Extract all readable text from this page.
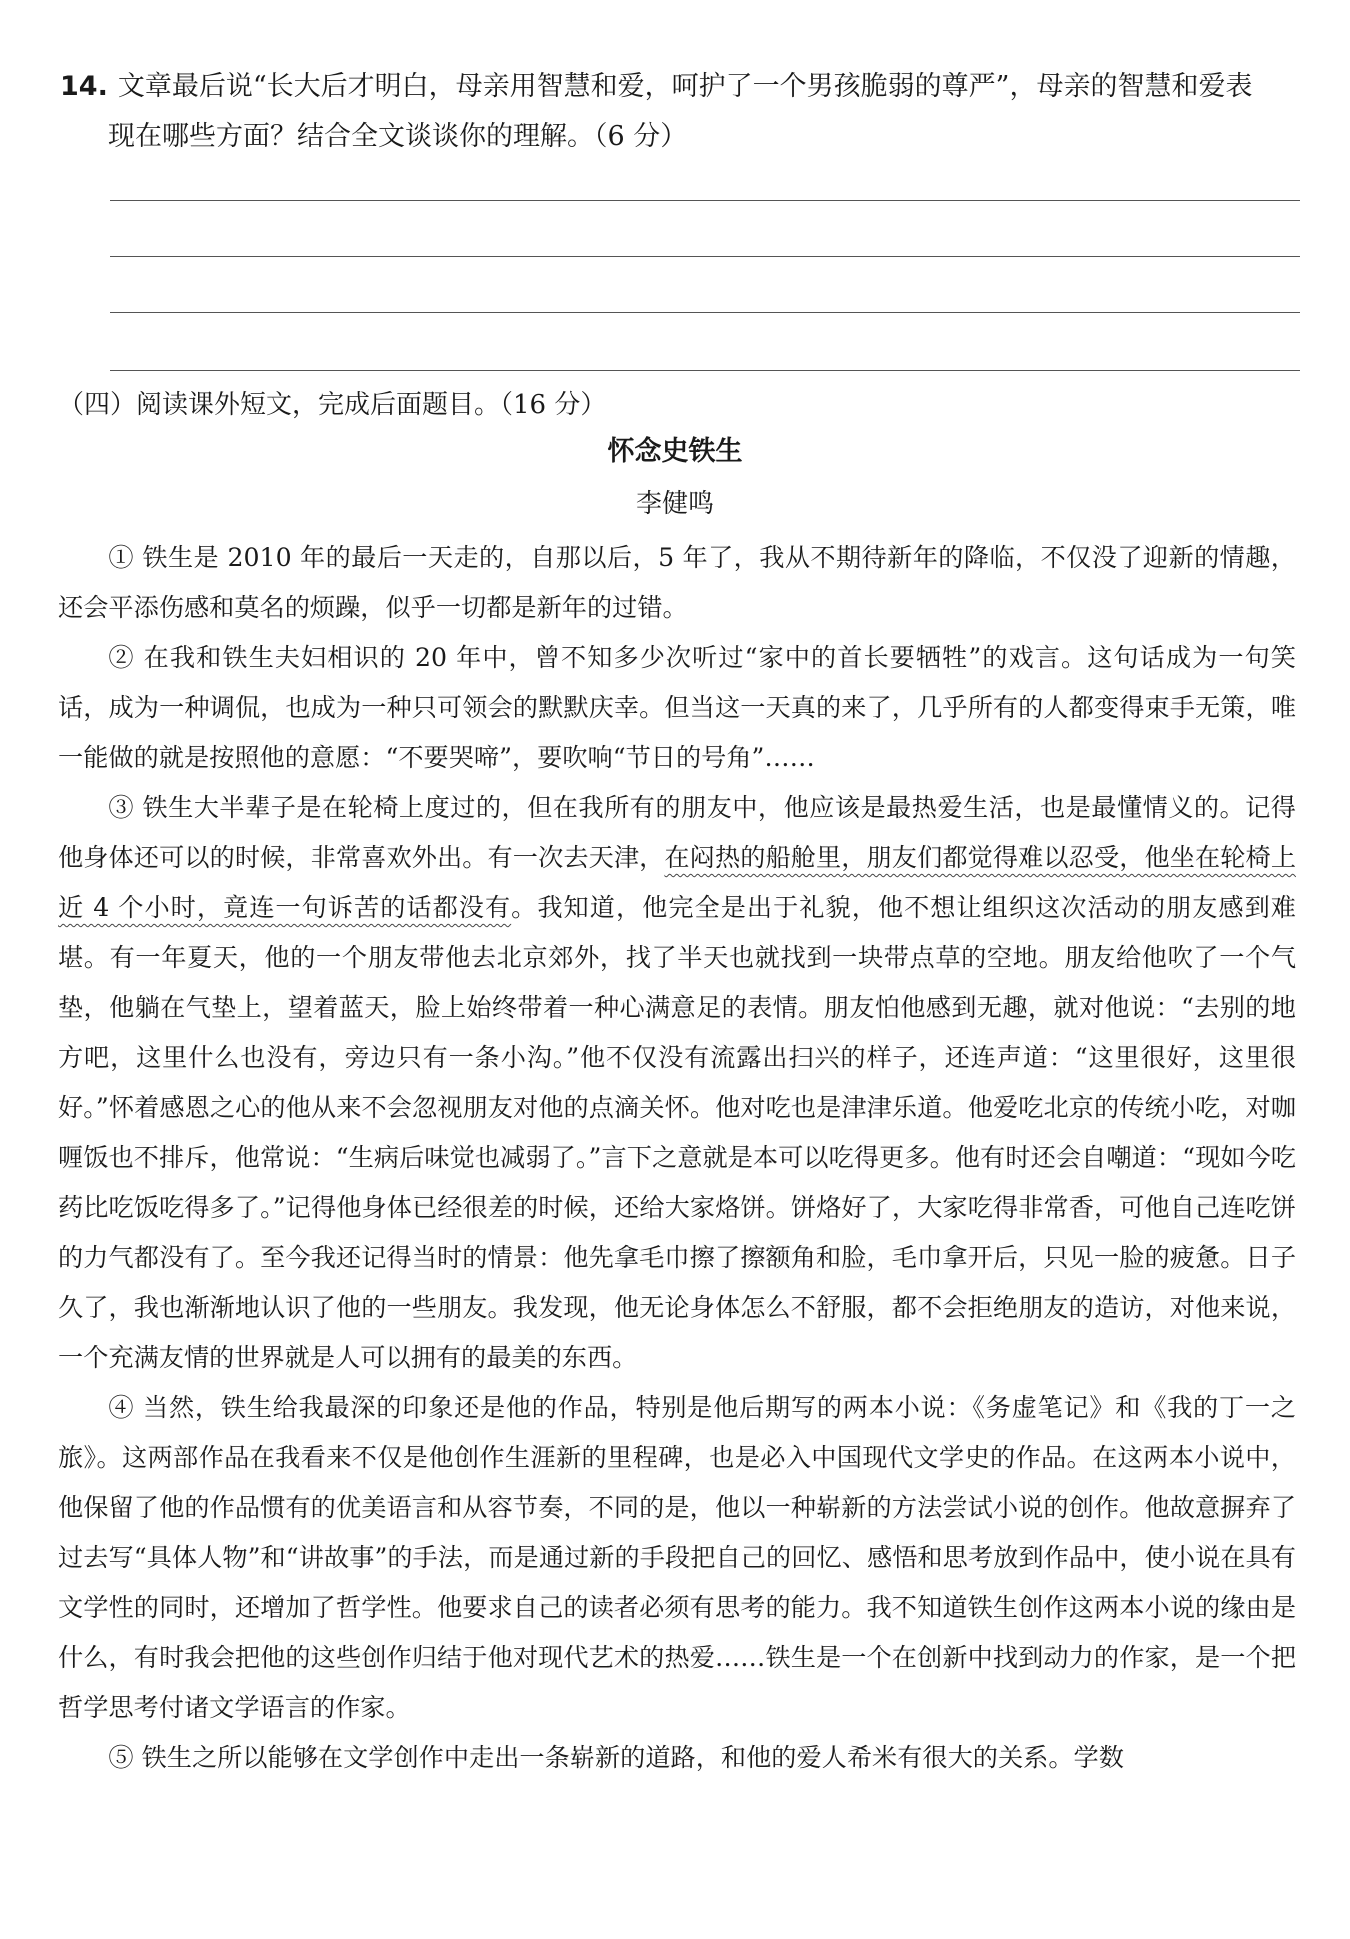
14. 文章最后说“长大后才明白，母亲用智慧和爱，呵护了一个男孩脆弱的尊严”，母亲的智慧和爱表
现在哪些方面？结合全文谈谈你的理解。（6 分）
（四）阅读课外短文，完成后面题目。（16 分）
怀念史铁生
李健鸣

① 铁生是 2010 年的最后一天走的，自那以后，5 年了，我从不期待新年的降临，不仅没了迎新的情趣，还会平添伤感和莫名的烦躁，似乎一切都是新年的过错。

② 在我和铁生夫妇相识的 20 年中，曾不知多少次听过“家中的首长要牺牲”的戏言。这句话成为一句笑话，成为一种调侃，也成为一种只可领会的默默庆幸。但当这一天真的来了，几乎所有的人都变得束手无策，唯一能做的就是按照他的意愿：“不要哭啼”，要吹响“节日的号角”……

③ 铁生大半辈子是在轮椅上度过的，但在我所有的朋友中，他应该是最热爱生活，也是最懂情义的。记得他身体还可以的时候，非常喜欢外出。有一次去天津，在闷热的船舱里，朋友们都觉得难以忍受，他坐在轮椅上近 4 个小时，竟连一句诉苦的话都没有。我知道，他完全是出于礼貌，他不想让组织这次活动的朋友感到难堪。有一年夏天，他的一个朋友带他去北京郊外，找了半天也就找到一块带点草的空地。朋友给他吹了一个气垫，他躺在气垫上，望着蓝天，脸上始终带着一种心满意足的表情。朋友怕他感到无趣，就对他说：“去别的地方吧，这里什么也没有，旁边只有一条小沟。”他不仅没有流露出扫兴的样子，还连声道：“这里很好，这里很好。”怀着感恩之心的他从来不会忽视朋友对他的点滴关怀。他对吃也是津津乐道。他爱吃北京的传统小吃，对咖喱饭也不排斥，他常说：“生病后味觉也减弱了。”言下之意就是本可以吃得更多。他有时还会自嘲道：“现如今吃药比吃饭吃得多了。”记得他身体已经很差的时候，还给大家烙饼。饼烙好了，大家吃得非常香，可他自己连吃饼的力气都没有了。至今我还记得当时的情景：他先拿毛巾擦了擦额角和脸，毛巾拿开后，只见一脸的疲惫。日子久了，我也渐渐地认识了他的一些朋友。我发现，他无论身体怎么不舒服，都不会拒绝朋友的造访，对他来说，一个充满友情的世界就是人可以拥有的最美的东西。

④ 当然，铁生给我最深的印象还是他的作品，特别是他后期写的两本小说：《务虚笔记》和《我的丁一之旅》。这两部作品在我看来不仅是他创作生涯新的里程碑，也是必入中国现代文学史的作品。在这两本小说中，他保留了他的作品惯有的优美语言和从容节奏，不同的是，他以一种崭新的方法尝试小说的创作。他故意摒弃了过去写“具体人物”和“讲故事”的手法，而是通过新的手段把自己的回忆、感悟和思考放到作品中，使小说在具有文学性的同时，还增加了哲学性。他要求自己的读者必须有思考的能力。我不知道铁生创作这两本小说的缘由是什么，有时我会把他的这些创作归结于他对现代艺术的热爱……铁生是一个在创新中找到动力的作家，是一个把哲学思考付诸文学语言的作家。

⑤ 铁生之所以能够在文学创作中走出一条崭新的道路，和他的爱人希米有很大的关系。学数
